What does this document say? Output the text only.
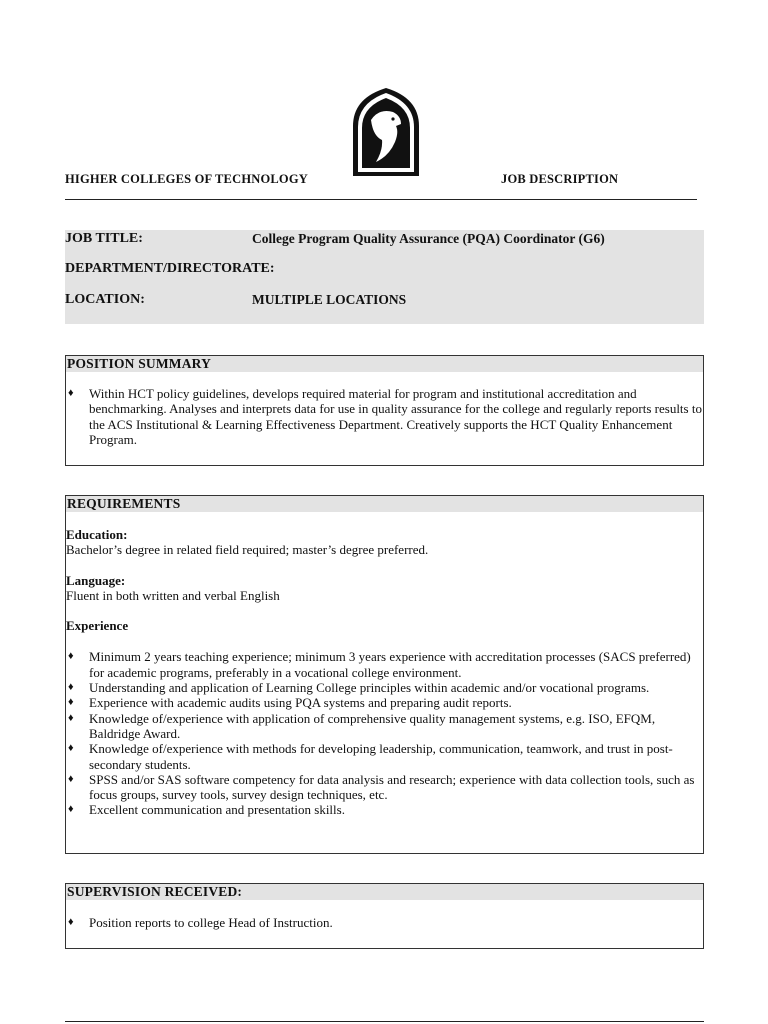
HIGHER COLLEGES OF TECHNOLOGY	JOB DESCRIPTION
JOB TITLE:	College Program Quality Assurance (PQA) Coordinator (G6)
DEPARTMENT/DIRECTORATE:
LOCATION:	MULTIPLE LOCATIONS
POSITION SUMMARY
♦ Within HCT policy guidelines, develops required material for program and institutional accreditation and benchmarking. Analyses and interprets data for use in quality assurance for the college and regularly reports results to the ACS Institutional & Learning Effectiveness Department. Creatively supports the HCT Quality Enhancement Program.
REQUIREMENTS
Education:
Bachelor’s degree in related field required; master’s degree preferred.
Language:
Fluent in both written and verbal English
Experience
♦ Minimum 2 years teaching experience; minimum 3 years experience with accreditation processes (SACS preferred) for academic programs, preferably in a vocational college environment.
♦ Understanding and application of Learning College principles within academic and/or vocational programs.
♦ Experience with academic audits using PQA systems and preparing audit reports.
♦ Knowledge of/experience with application of comprehensive quality management systems, e.g. ISO, EFQM, Baldridge Award.
♦ Knowledge of/experience with methods for developing leadership, communication, teamwork, and trust in post-secondary students.
♦ SPSS and/or SAS software competency for data analysis and research; experience with data collection tools, such as focus groups, survey tools, survey design techniques, etc.
♦ Excellent communication and presentation skills.
SUPERVISION RECEIVED:
♦ Position reports to college Head of Instruction.
